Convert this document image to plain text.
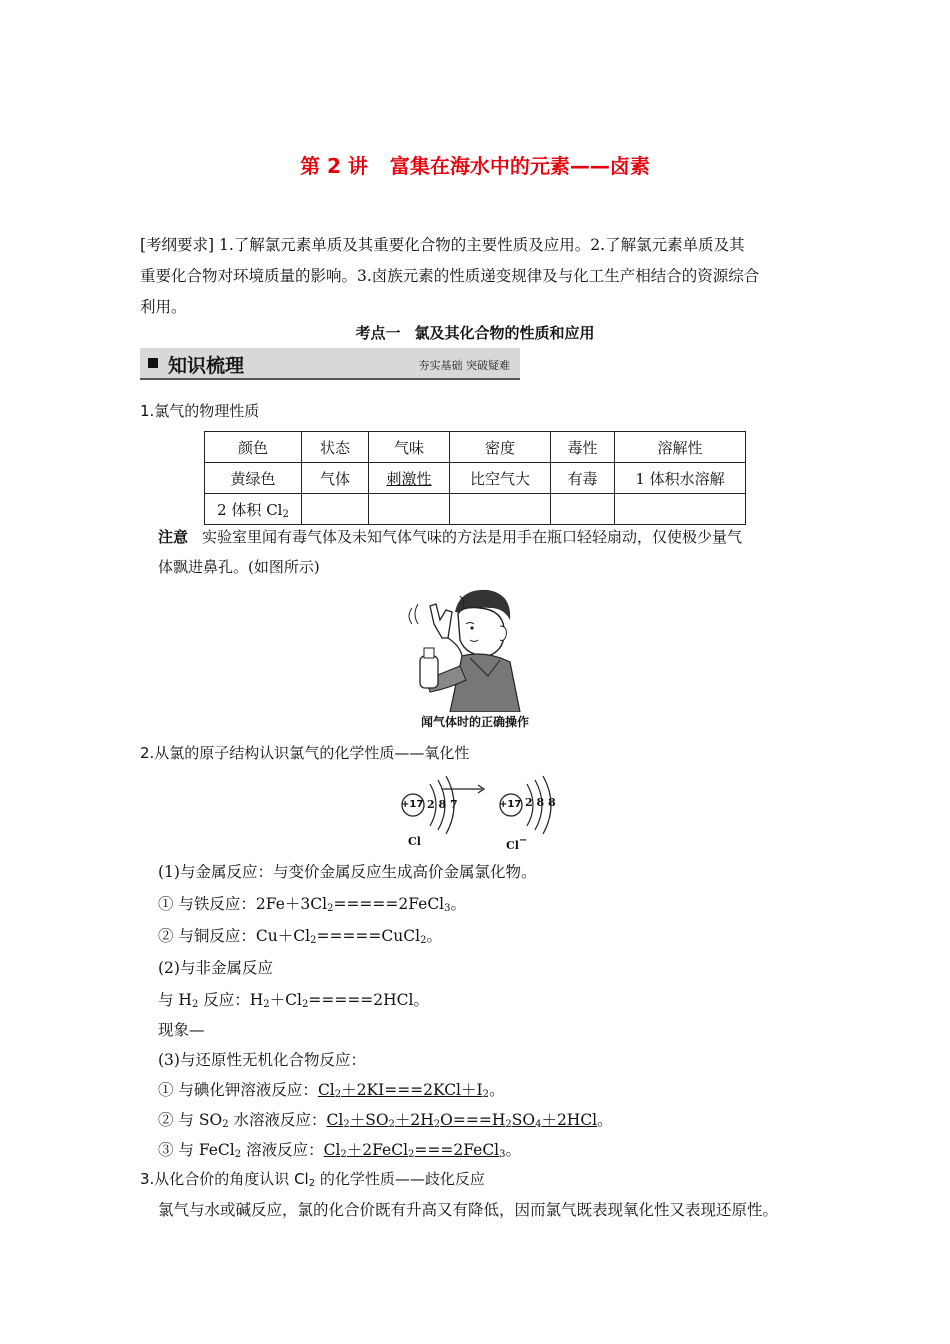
第 2 讲 富集在海水中的元素——卤素

[考纲要求] 1.了解氯元素单质及其重要化合物的主要性质及应用。2.了解氯元素单质及其

重要化合物对环境质量的影响。3.卤族元素的性质递变规律及与化工生产相结合的资源综合

利用。

考点一 氯及其化合物的性质和应用
知识梳理	夯实基础 突破疑难
1.氯气的物理性质
颜色	状态	气味	密度	毒性	溶解性
黄绿色	气体	刺激性	比空气大	有毒	1 体积水溶解
2 体积 $Cl_2$					
注意 实验室里闻有毒气体及未知气体气味的方法是用手在瓶口轻轻扇动，仅使极少量气
体飘进鼻孔。(如图所示)
闻气体时的正确操作
2.从氯的原子结构认识氯气的化学性质——氧化性
+17 2 8 7
Cl
+17 2 8 8
Cl−
(1)与金属反应：与变价金属反应生成高价金属氯化物。
① 与铁反应：$2Fe+3Cl_2=====2FeCl_3$。
② 与铜反应：$Cu+Cl_2=====CuCl_2$。
(2)与非金属反应
与 $H_2$ 反应：$H_2+Cl_2=====2HCl$。
现象—
(3)与还原性无机化合物反应：
① 与碘化钾溶液反应：$Cl_2+2KI===2KCl+I_2$。
② 与 $SO_2$ 水溶液反应：$Cl_2+SO_2+2H_2O===H_2SO_4+2HCl$。
③ 与 FeCl$_2$ 溶液反应：$Cl_2+2FeCl_2===2FeCl_3$。
3.从化合价的角度认识 $Cl_2$ 的化学性质——歧化反应
氯气与水或碱反应，氯的化合价既有升高又有降低，因而氯气既表现氧化性又表现还原性。
